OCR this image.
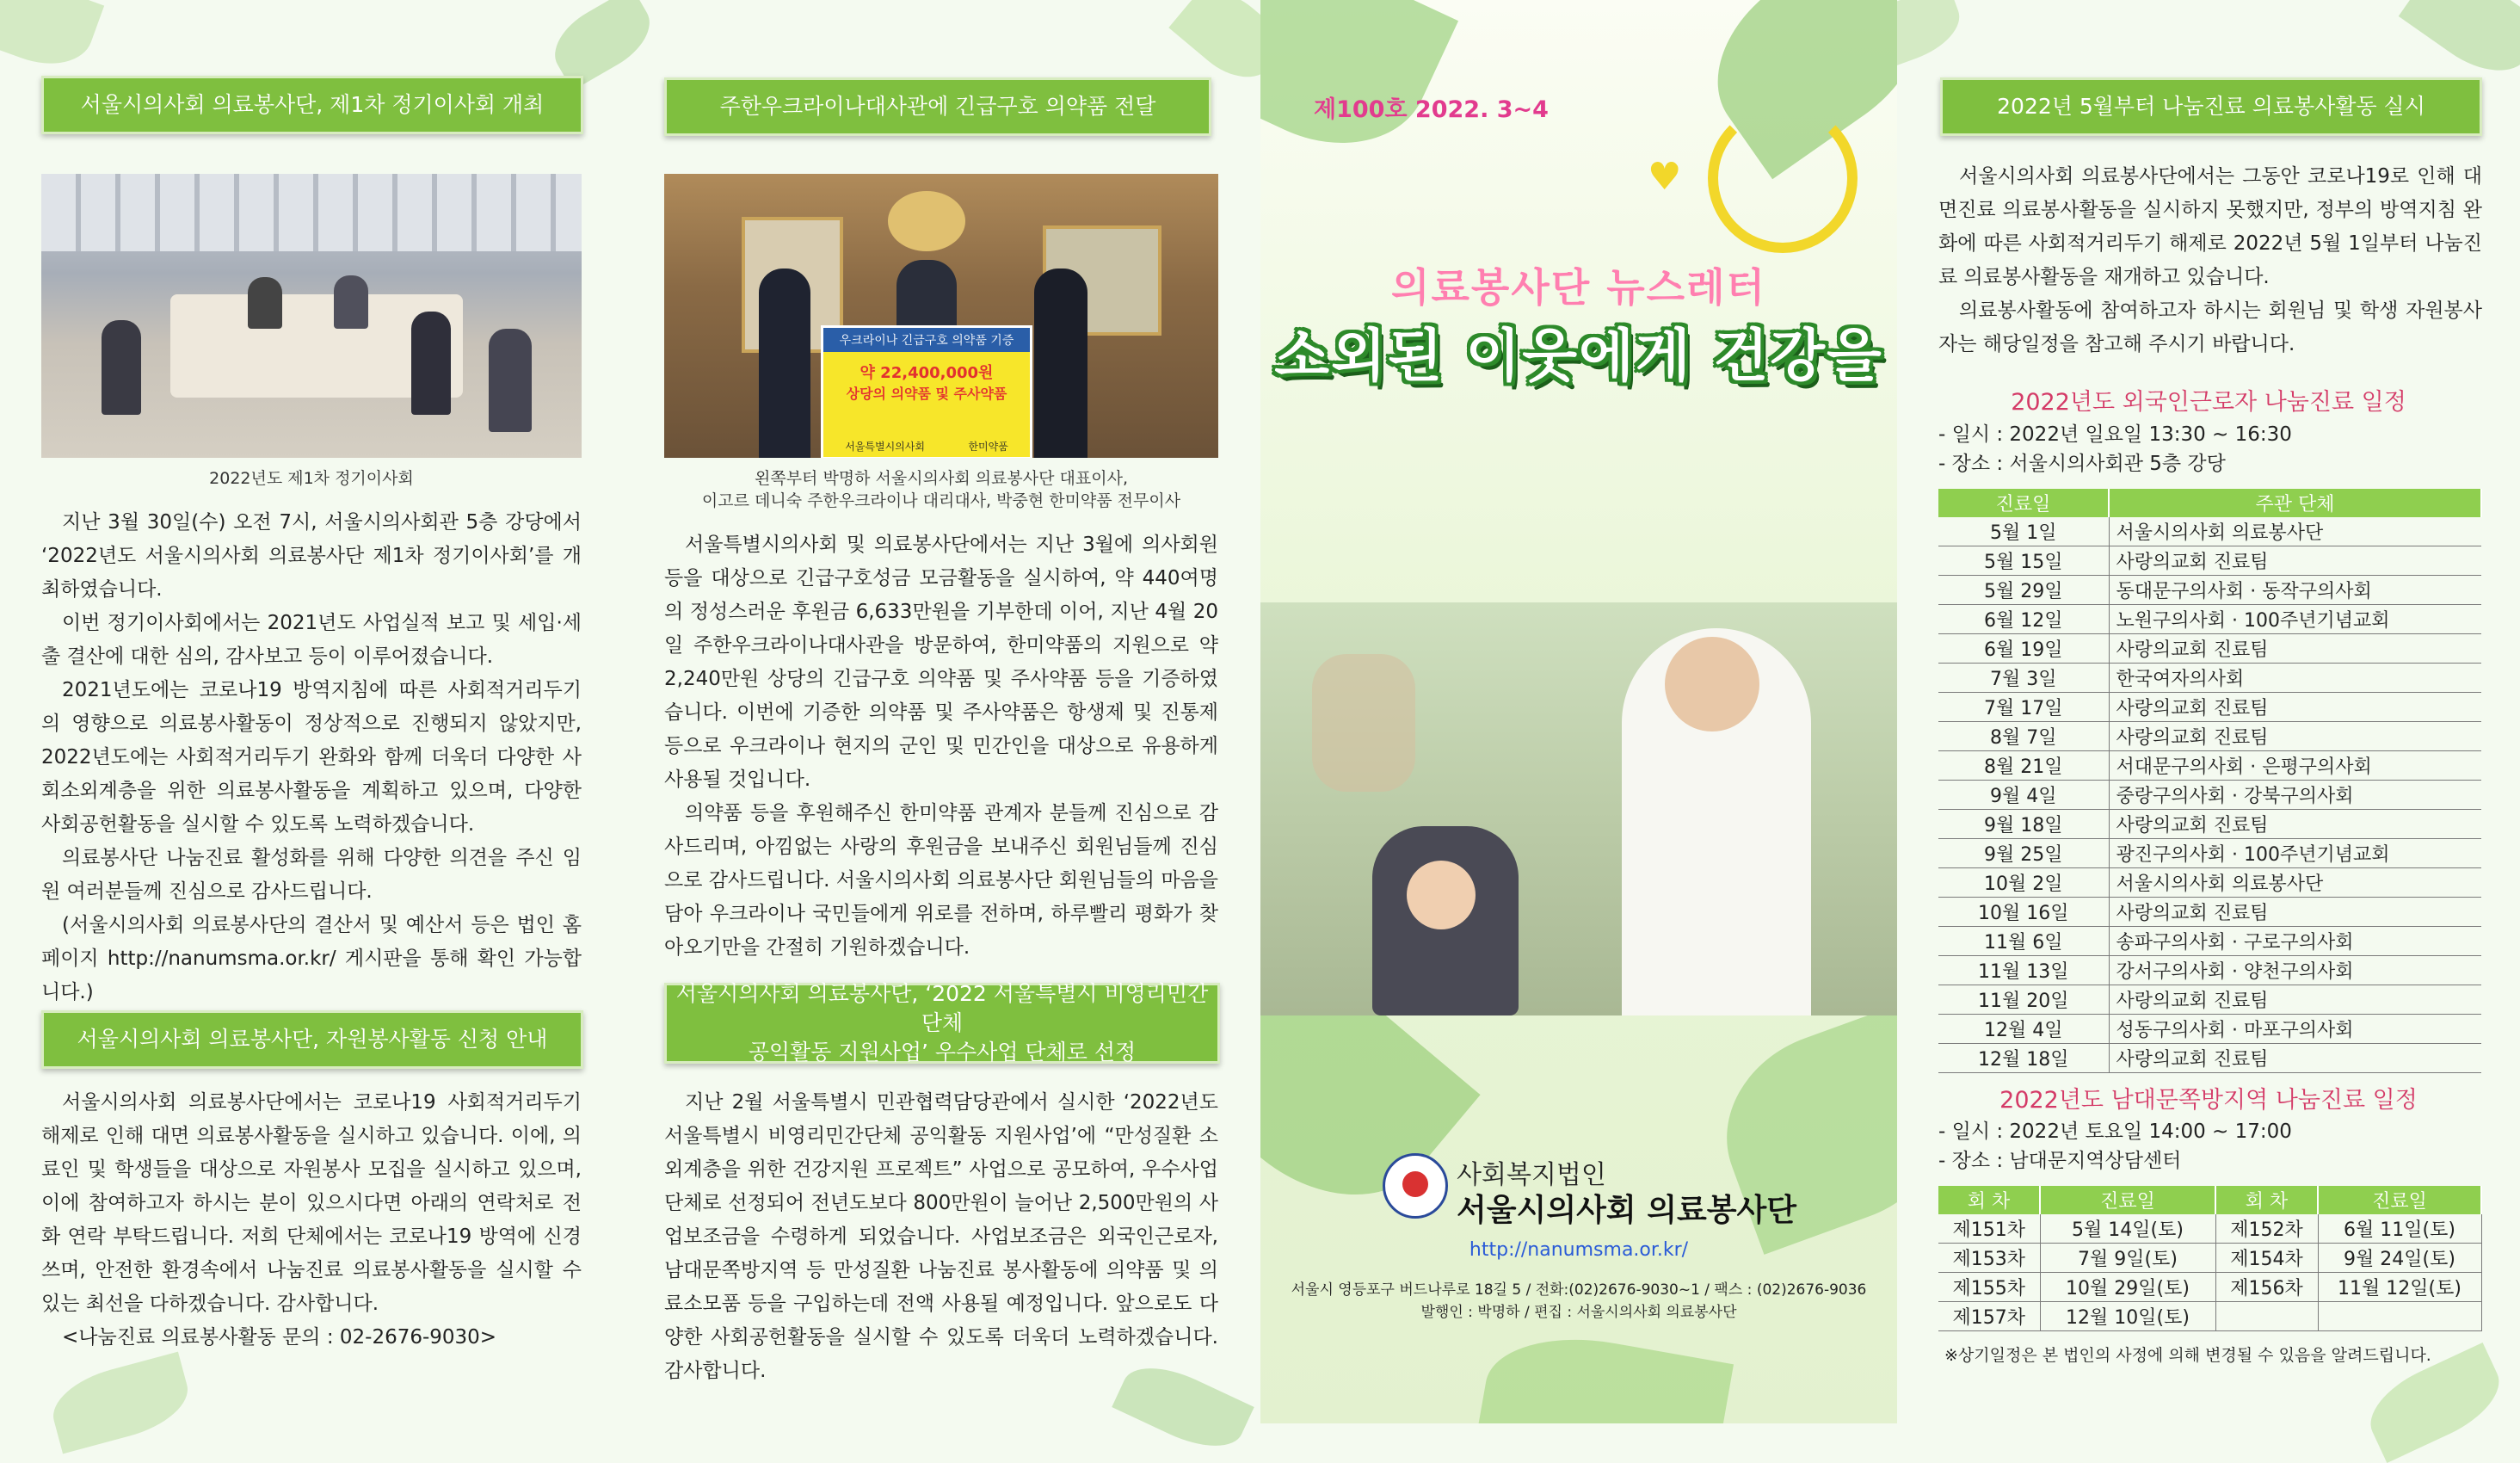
서울시의사회 의료봉사단, 제1차 정기이사회 개최
2022년도 제1차 정기이사회

지난 3월 30일(수) 오전 7시, 서울시의사회관 5층 강당에서 ‘2022년도 서울시의사회 의료봉사단 제1차 정기이사회’를 개최하였습니다.

이번 정기이사회에서는 2021년도 사업실적 보고 및 세입·세출 결산에 대한 심의, 감사보고 등이 이루어졌습니다.

2021년도에는 코로나19 방역지침에 따른 사회적거리두기의 영향으로 의료봉사활동이 정상적으로 진행되지 않았지만, 2022년도에는 사회적거리두기 완화와 함께 더욱더 다양한 사회소외계층을 위한 의료봉사활동을 계획하고 있으며, 다양한 사회공헌활동을 실시할 수 있도록 노력하겠습니다.

의료봉사단 나눔진료 활성화를 위해 다양한 의견을 주신 임원 여러분들께 진심으로 감사드립니다.

(서울시의사회 의료봉사단의 결산서 및 예산서 등은 법인 홈페이지 http://nanumsma.or.kr/ 게시판을 통해 확인 가능합니다.)

서울시의사회 의료봉사단, 자원봉사활동 신청 안내

서울시의사회 의료봉사단에서는 코로나19 사회적거리두기 해제로 인해 대면 의료봉사활동을 실시하고 있습니다. 이에, 의료인 및 학생들을 대상으로 자원봉사 모집을 실시하고 있으며, 이에 참여하고자 하시는 분이 있으시다면 아래의 연락처로 전화 연락 부탁드립니다. 저희 단체에서는 코로나19 방역에 신경쓰며, 안전한 환경속에서 나눔진료 의료봉사활동을 실시할 수 있는 최선을 다하겠습니다. 감사합니다.

<나눔진료 의료봉사활동 문의 : 02-2676-9030>

주한우크라이나대사관에 긴급구호 의약품 전달
우크라이나 긴급구호 의약품 기증
약 22,400,000원
상당의 의약품 및 주사약품
서울특별시의사회	한미약품
왼쪽부터 박명하 서울시의사회 의료봉사단 대표이사,
이고르 데니숙 주한우크라이나 대리대사, 박중현 한미약품 전무이사

서울특별시의사회 및 의료봉사단에서는 지난 3월에 의사회원 등을 대상으로 긴급구호성금 모금활동을 실시하여, 약 440여명의 정성스러운 후원금 6,633만원을 기부한데 이어, 지난 4월 20일 주한우크라이나대사관을 방문하여, 한미약품의 지원으로 약 2,240만원 상당의 긴급구호 의약품 및 주사약품 등을 기증하였습니다. 이번에 기증한 의약품 및 주사약품은 항생제 및 진통제 등으로 우크라이나 현지의 군인 및 민간인을 대상으로 유용하게 사용될 것입니다.

의약품 등을 후원해주신 한미약품 관계자 분들께 진심으로 감사드리며, 아낌없는 사랑의 후원금을 보내주신 회원님들께 진심으로 감사드립니다. 서울시의사회 의료봉사단 회원님들의 마음을 담아 우크라이나 국민들에게 위로를 전하며, 하루빨리 평화가 찾아오기만을 간절히 기원하겠습니다.

서울시의사회 의료봉사단, ‘2022 서울특별시 비영리민간단체
공익활동 지원사업’ 우수사업 단체로 선정

지난 2월 서울특별시 민관협력담당관에서 실시한 ‘2022년도 서울특별시 비영리민간단체 공익활동 지원사업’에 “만성질환 소외계층을 위한 건강지원 프로젝트” 사업으로 공모하여, 우수사업 단체로 선정되어 전년도보다 800만원이 늘어난 2,500만원의 사업보조금을 수령하게 되었습니다. 사업보조금은 외국인근로자, 남대문쪽방지역 등 만성질환 나눔진료 봉사활동에 의약품 및 의료소모품 등을 구입하는데 전액 사용될 예정입니다. 앞으로도 다양한 사회공헌활동을 실시할 수 있도록 더욱더 노력하겠습니다. 감사합니다.

♥
제100호 2022. 3~4
의료봉사단 뉴스레터
소외된 이웃에게 건강을
사회복지법인
서울시의사회 의료봉사단
http://nanumsma.or.kr/
서울시 영등포구 버드나루로 18길 5 / 전화:(02)2676-9030~1 / 팩스 : (02)2676-9036
발행인 : 박명하 / 편집 : 서울시의사회 의료봉사단
2022년 5월부터 나눔진료 의료봉사활동 실시

서울시의사회 의료봉사단에서는 그동안 코로나19로 인해 대면진료 의료봉사활동을 실시하지 못했지만, 정부의 방역지침 완화에 따른 사회적거리두기 해제로 2022년 5월 1일부터 나눔진료 의료봉사활동을 재개하고 있습니다.

의료봉사활동에 참여하고자 하시는 회원님 및 학생 자원봉사자는 해당일정을 참고해 주시기 바랍니다.

2022년도 외국인근로자 나눔진료 일정
- 일시 : 2022년 일요일 13:30 ~ 16:30
- 장소 : 서울시의사회관 5층 강당
진료일	주관 단체
5월 1일	서울시의사회 의료봉사단
5월 15일	사랑의교회 진료팀
5월 29일	동대문구의사회 · 동작구의사회
6월 12일	노원구의사회 · 100주년기념교회
6월 19일	사랑의교회 진료팀
7월 3일	한국여자의사회
7월 17일	사랑의교회 진료팀
8월 7일	사랑의교회 진료팀
8월 21일	서대문구의사회 · 은평구의사회
9월 4일	중랑구의사회 · 강북구의사회
9월 18일	사랑의교회 진료팀
9월 25일	광진구의사회 · 100주년기념교회
10월 2일	서울시의사회 의료봉사단
10월 16일	사랑의교회 진료팀
11월 6일	송파구의사회 · 구로구의사회
11월 13일	강서구의사회 · 양천구의사회
11월 20일	사랑의교회 진료팀
12월 4일	성동구의사회 · 마포구의사회
12월 18일	사랑의교회 진료팀
2022년도 남대문쪽방지역 나눔진료 일정
- 일시 : 2022년 토요일 14:00 ~ 17:00
- 장소 : 남대문지역상담센터
회 차	진료일	회 차	진료일
제151차	5월 14일(토)	제152차	6월 11일(토)
제153차	7월 9일(토)	제154차	9월 24일(토)
제155차	10월 29일(토)	제156차	11월 12일(토)
제157차	12월 10일(토)		
※상기일정은 본 법인의 사정에 의해 변경될 수 있음을 알려드립니다.
